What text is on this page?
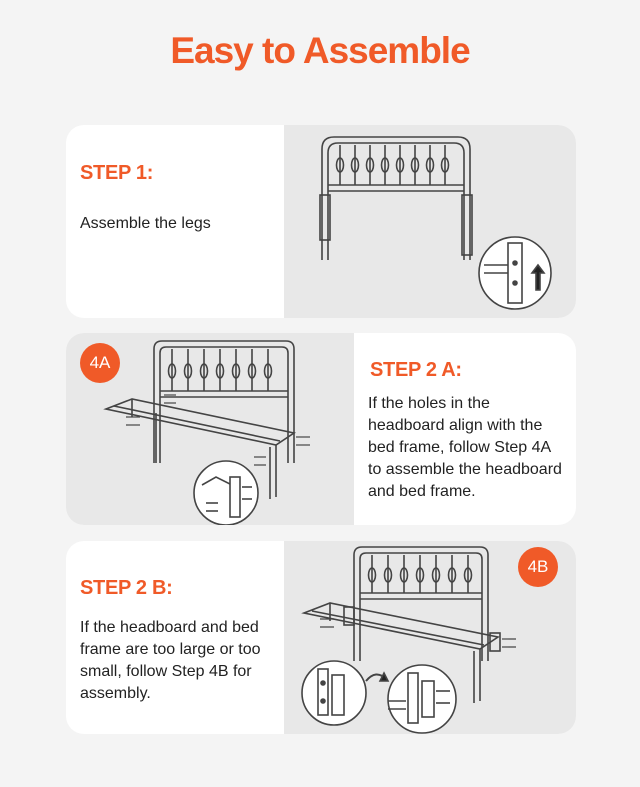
Easy to Assemble
STEP 1:
Assemble the legs
4A	STEP 2 A:
If the holes in the
headboard align with the
bed frame, follow Step 4A
to assemble the headboard
and bed frame.
STEP 2 B:
If the headboard and bed
frame are too large or too
small, follow Step 4B for
assembly.
4B
